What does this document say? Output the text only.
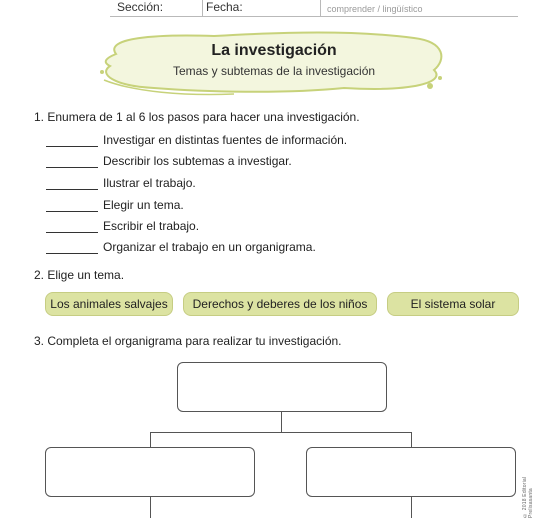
Sección:	Fecha:	comprender / lingüístico
La investigación
Temas y subtemas de la investigación
1. Enumera de 1 al 6 los pasos para hacer una investigación.
Investigar en distintas fuentes de información.
Describir los subtemas a investigar.
Ilustrar el trabajo.
Elegir un tema.
Escribir el trabajo.
Organizar el trabajo en un organigrama.
2. Elige un tema.
Los animales salvajes	Derechos y deberes de los niños	El sistema solar
3. Completa el organigrama para realizar tu investigación.
© 2018 Editorial Prelisasanta
